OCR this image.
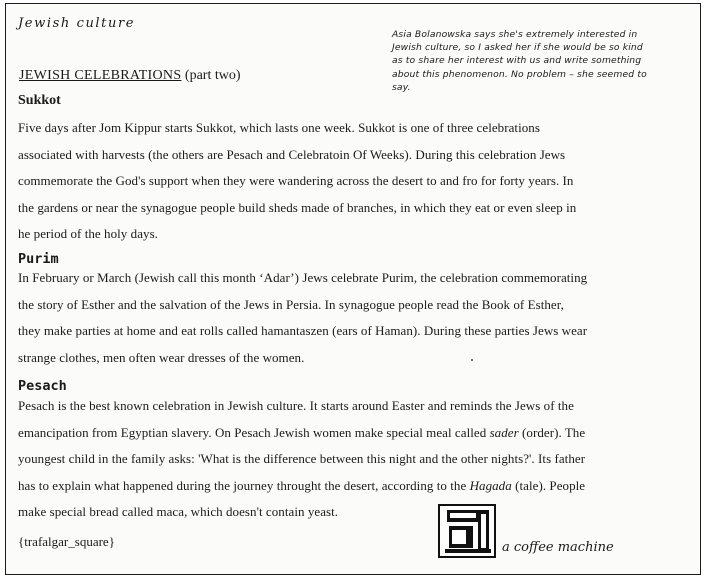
Jewish culture
Asia Bolanowska says she's extremely interested in
Jewish culture, so I asked her if she would be so kind
as to share her interest with us and write something
about this phenomenon. No problem – she seemed to
say.
JEWISH CELEBRATIONS (part two)
Sukkot
Five days after Jom Kippur starts Sukkot, which lasts one week. Sukkot is one of three celebrations
associated with harvests (the others are Pesach and Celebratoin Of Weeks). During this celebration Jews
commemorate the God's support when they were wandering across the desert to and fro for forty years. In
the gardens or near the synagogue people build sheds made of branches, in which they eat or even sleep in
he period of the holy days.
Purim
In February or March (Jewish call this month ‘Adar’) Jews celebrate Purim, the celebration commemorating
the story of Esther and the salvation of the Jews in Persia. In synagogue people read the Book of Esther,
they make parties at home and eat rolls called hamantaszen (ears of Haman). During these parties Jews wear
strange clothes, men often wear dresses of the women.
Pesach
Pesach is the best known celebration in Jewish culture. It starts around Easter and reminds the Jews of the
emancipation from Egyptian slavery. On Pesach Jewish women make special meal called sader (order). The
youngest child in the family asks: 'What is the difference between this night and the other nights?'. Its father
has to explain what happened during the journey throught the desert, according to the Hagada (tale). People
make special bread called maca, which doesn't contain yeast.
{trafalgar_square}	a coffee machine
